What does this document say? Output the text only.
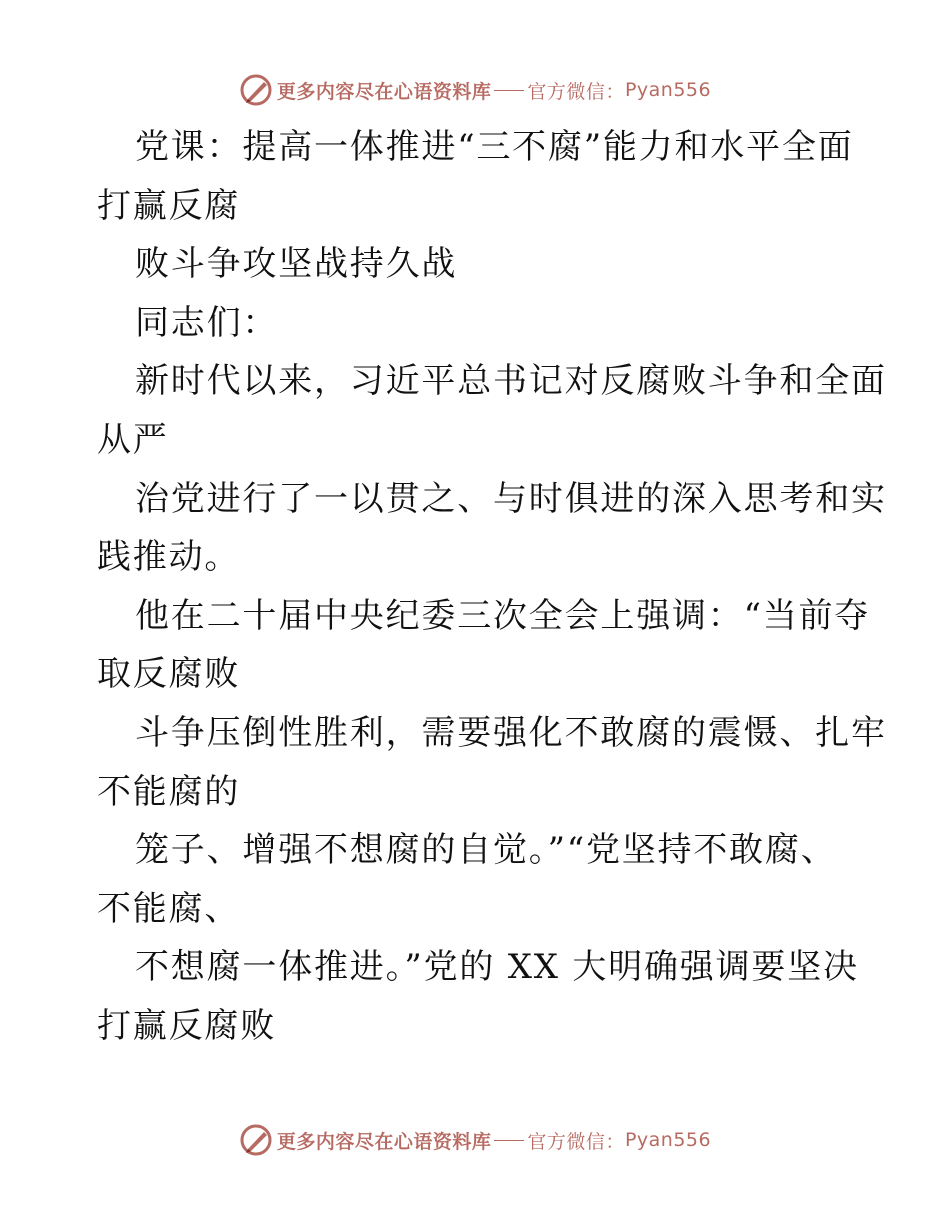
更多内容尽在心语资料库 官方微信： Pyan556
党课：提高一体推进“三不腐”能力和水平全面
打赢反腐
败斗争攻坚战持久战
同志们：
新时代以来，习近平总书记对反腐败斗争和全面
从严
治党进行了一以贯之、与时俱进的深入思考和实
践推动。
他在二十届中央纪委三次全会上强调：“当前夺
取反腐败
斗争压倒性胜利，需要强化不敢腐的震慑、扎牢
不能腐的
笼子、增强不想腐的自觉。”“党坚持不敢腐、
不能腐、
不想腐一体推进。”党的 XX 大明确强调要坚决
打赢反腐败
更多内容尽在心语资料库 官方微信： Pyan556
